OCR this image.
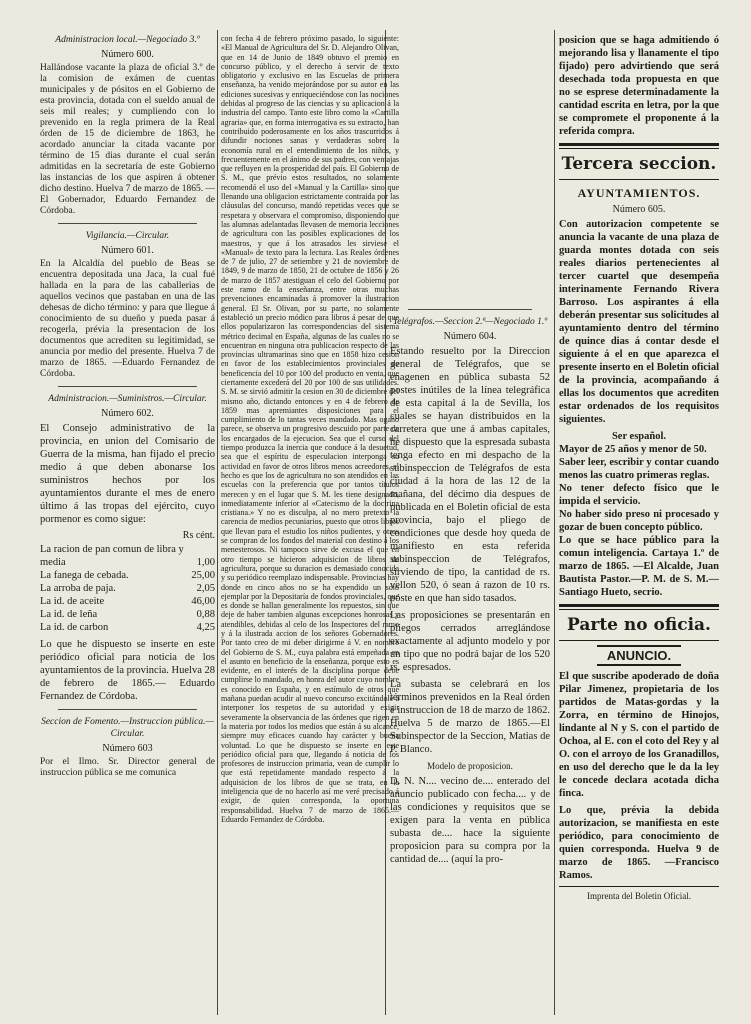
Administracion local.—Negociado 3.º
Número 600.

Hallándose vacante la plaza de oficial 3.º de la comision de exámen de cuentas municipales y de pósitos en el Gobierno de esta provincia, dotada con el sueldo anual de seis mil reales; y cumpliendo con lo prevenido en la regla primera de la Real órden de 15 de diciembre de 1863, he acordado anunciar la citada vacante por término de 15 dias durante el cual serán admitidas en la secretaría de este Gobierno las instancias de los que aspiren á obtener dicho destino. Huelva 7 de marzo de 1865. —El Gobernador, Eduardo Fernandez de Córdoba.

Vigilancia.—Circular.
Número 601.

En la Alcaldía del pueblo de Beas se encuentra depositada una Jaca, la cual fué hallada en la para de las caballerias de aquellos vecinos que pastaban en una de las dehesas de dicho término: y para que llegue á conocimiento de su dueño y pueda pasar á recogerla, prévia la presentacion de los documentos que acrediten su legitimidad, se anuncia por medio del presente. Huelva 7 de marzo de 1865. —Eduardo Fernandez de Córdoba.

Administracion.—Suministros.—Circular.
Número 602.

El Consejo administrativo de la provincia, en union del Comisario de Guerra de la misma, han fijado el precio medio á que deben abonarse los suministros hechos por los ayuntamientos durante el mes de enero último á las tropas del ejército, cuyo pormenor es como sigue:

Rs cént.
La racion de pan comun de libra y
media	1,00
La fanega de cebada.	25,00
La arroba de paja.	2,05
La id. de aceite	46,00
La id. de leña	0,88
La id. de carbon	4,25

Lo que he dispuesto se inserte en este periódico oficial para noticia de los ayuntamientos de la provincia. Huelva 28 de febrero de 1865.— Eduardo Fernandez de Córdoba.

Seccion de Fomento.—Instruccion pública.—Circular.
Número 603

Por el Ilmo. Sr. Director general de instruccion pública se me comunica

con fecha 4 de febrero próximo pasado, lo siguiente: «El Manual de Agricultura del Sr. D. Alejandro Olivan, que en 14 de Junio de 1849 obtuvo el premio en concurso público, y el derecho á servir de texto obligatorio y exclusivo en las Escuelas de primera enseñanza, ha venido mejorándose por su autor en las ediciones sucesivas y enriqueciéndose con las nociones debidas al progreso de las ciencias y su aplicacion á la industria del campo. Tanto este libro como la «Cartilla agraria» que, en forma interrogativa es su extracto, han contribuido poderosamente en los años trascurridos á difundir nociones sanas y verdaderas sobre la economía rural en el entendimiento de los niños, y frecuentemente en el ánimo de sus padres, con ventajas que refluyen en la prosperidad del país. El Gobierno de S. M., que prévio estos resultados, no solamente recomendó el uso del «Manual y la Cartilla» sino que llenando una obligacion estrictamente contraida por las cláusulas del concurso, mandó repetidas veces que se respetara y observara el compromiso, disponiendo que las alumnas adelantadas llevasen de memoria lecciones de agricultura con las posibles explicaciones de los maestros, y que á los atrasados les sirviese el «Manual» de texto para la lectura. Las Reales órdenes de 7 de julio, 27 de setiembre y 21 de noviembre de 1849, 9 de marzo de 1850, 21 de octubre de 1856 y 26 de marzo de 1857 atestiguan el celo del Gobierno por este ramo de la enseñanza, entre otras muchas prevenciones encaminadas á promover la ilustracion general. El Sr. Olivan, por su parte, no solamente estableció un precio módico para libros á pesar de que ellos popularizaron las correspondencias del sistema métrico decimal en España, algunas de las cuales no se encuentran en ninguna otra publicacion respecto de las provincias ultramarinas sino que en 1858 hizo cesion en favor de los establecimientos provinciales de beneficencia del 10 por 100 del producto en venta, que ciertamente excederá del 20 por 100 de sus utilidades. S. M. se sirvió admitir la cesion en 30 de diciembre del mismo año, dictando entonces y en 4 de febrero de 1859 mas apremiantes disposiciones para el cumplimiento de lo tantas veces mandado. Mas ogaño parece, se observa un progresivo descuido por parte de los encargados de la ejecucion. Sea que el curso del tiempo produzca la inercia que conduce á la desuetud, sea que el espíritu de especulacion interponga su actividad en favor de otros libros menos acreedores, el hecho es que los de agricultura no son atendidos en las escuelas con la preferencia que por tantos títulos merecen y en el lugar que S. M. les tiene designado, inmediatamente inferior al «Catecismo de la doctrina cristiana.» Y no es disculpa, al no mero pretexto la carencia de medios pecuniarios, puesto que otros libros que llevan para el estudio los niños pudientes, y otros se compran de los fondos del material con destino á los menesterosos. Ni tampoco sirve de excusa el que en otro tiempo se hicieron adquisicion de libros de agricultura, porque su duracion es demasiado conocida y su periódico reemplazo indispensable. Provincias hay donde en cinco años no se ha expendido un solo ejemplar por la Depositaría de fondos provinciales, que es donde se hallan generalmente los repuestos, sin que deje de haber tambien algunas excepciones honrosas y atendibles, debidas al celo de los Inspectores del ramo y á la ilustrada accion de los señores Gobernadores. Por tanto creo de mi deber dirigirme á V. en nombre del Gobierno de S. M., cuya palabra está empeñada en el asunto en beneficio de la enseñanza, porque esto es evidente, en el interés de la disciplina porque debe cumplirse lo mandado, en honra del autor cuyo nombre es conocido en España, y en estímulo de otros que mañana puedan acudir al nuevo concurso excitándole á interponer los respetos de su autoridad y exigir severamente la observancia de las órdenes que rigen en la materia por todos los medios que están á su alcance, siempre muy eficaces cuando hay carácter y buena voluntad. Lo que he dispuesto se inserte en este periódico oficial para que, llegando á noticia de los profesores de instruccion primaria, vean de cumplir lo que está repetidamente mandado respecto á la adquisicion de los libros de que se trata, en la inteligencia que de no hacerlo así me veré precisado á exigir, de quien corresponda, la oportuna responsabilidad. Huelva 7 de marzo de 1865.—Eduardo Fernandez de Córdoba.

Telégrafos.—Seccion 2.ª—Negociado 1.º
Número 604.

Estando resuelto por la Direccion general de Telégrafos, que se enagenen en pública subasta 52 postes inútiles de la línea telegráfica de esta capital á la de Sevilla, los cuales se hayan distribuidos en la carretera que une á ambas capitales, he dispuesto que la espresada subasta tenga efecto en mi despacho de la subinspeccion de Telégrafos de esta ciudad á la hora de las 12 de la mañana, del décimo dia despues de publicada en el Boletin oficial de esta provincia, bajo el pliego de condiciones que desde hoy queda de manifiesto en esta referida subinspeccion de Telégrafos, sirviendo de tipo, la cantidad de rs. vellon 520, ó sean á razon de 10 rs. póste en que han sido tasados.

Las proposiciones se presentarán en pliegos cerrados arreglándose exactamente al adjunto modelo y por un tipo que no podrá bajar de los 520 rs. espresados.

La subasta se celebrará en los términos prevenidos en la Real órden é instruccion de 18 de marzo de 1862. Huelva 5 de marzo de 1865.—El Subinspector de la Seccion, Matias de P. Blanco.

Modelo de proposicion.

D. N. N.... vecino de.... enterado del anuncio publicado con fecha.... y de las condiciones y requisitos que se exigen para la venta en pública subasta de.... hace la siguiente proposicion para su compra por la cantidad de.... (aquí la pro-

posicion que se haga admitiendo ó mejorando lisa y llanamente el tipo fijado) pero advirtiendo que será desechada toda propuesta en que no se esprese determinadamente la cantidad escrita en letra, por la que se compromete el proponente á la referida compra.

Tercera seccion.
AYUNTAMIENTOS.
Número 605.

Con autorizacion competente se anuncia la vacante de una plaza de guarda montes dotada con seis reales diarios pertenecientes al tercer cuartel que desempeña interinamente Fernando Rivera Barroso. Los aspirantes á ella deberán presentar sus solicitudes al ayuntamiento dentro del término de quince dias á contar desde el siguiente á el en que aparezca el presente inserto en el Boletin oficial de la provincia, acompañando á ellas los documentos que acrediten estar ordenados de los requisitos siguientes.

Ser español.

Mayor de 25 años y menor de 50.

Saber leer, escribir y contar cuando menos las cuatro primeras reglas.

No tener defecto físico que le impida el servicio.

No haber sido preso ni procesado y gozar de buen concepto público.

Lo que se hace público para la comun inteligencia. Cartaya 1.º de marzo de 1865. —El Alcalde, Juan Bautista Pastor.—P. M. de S. M.— Santiago Hueto, secrio.

Parte no oficia.
ANUNCIO.

El que suscribe apoderado de doña Pilar Jimenez, propietaria de los partidos de Matas-gordas y la Zorra, en término de Hinojos, lindante al N y S. con el partido de Ochoa, al E. con el coto del Rey y al O. con el arroyo de los Granadillos, en uso del derecho que le da la ley le concede declara acotada dicha finca.

Lo que, prévia la debida autorizacion, se manifiesta en este periódico, para conocimiento de quien corresponda. Huelva 9 de marzo de 1865. —Francisco Ramos.

Imprenta del Boletin Oficial.
